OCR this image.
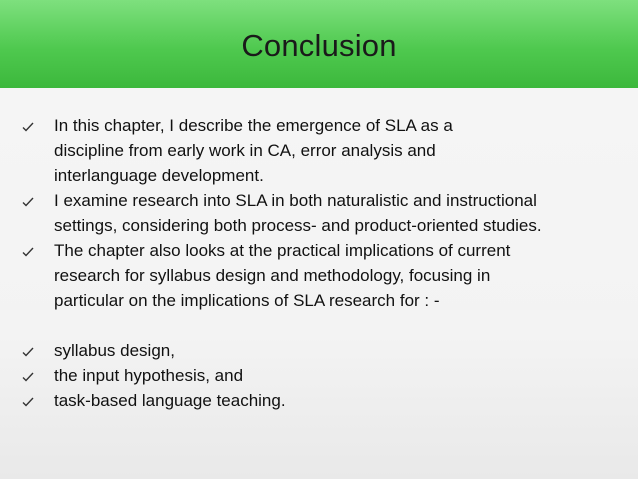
Conclusion
In this chapter, I describe the emergence of SLA as a
discipline from early work in CA, error analysis and
interlanguage development.
I examine research into SLA in both naturalistic and instructional
settings, considering both process- and product-oriented studies.
The chapter also looks at the practical implications of current
research for syllabus design and methodology, focusing in
particular on the implications of SLA research for : -
syllabus design,
the input hypothesis, and
task-based language teaching.
